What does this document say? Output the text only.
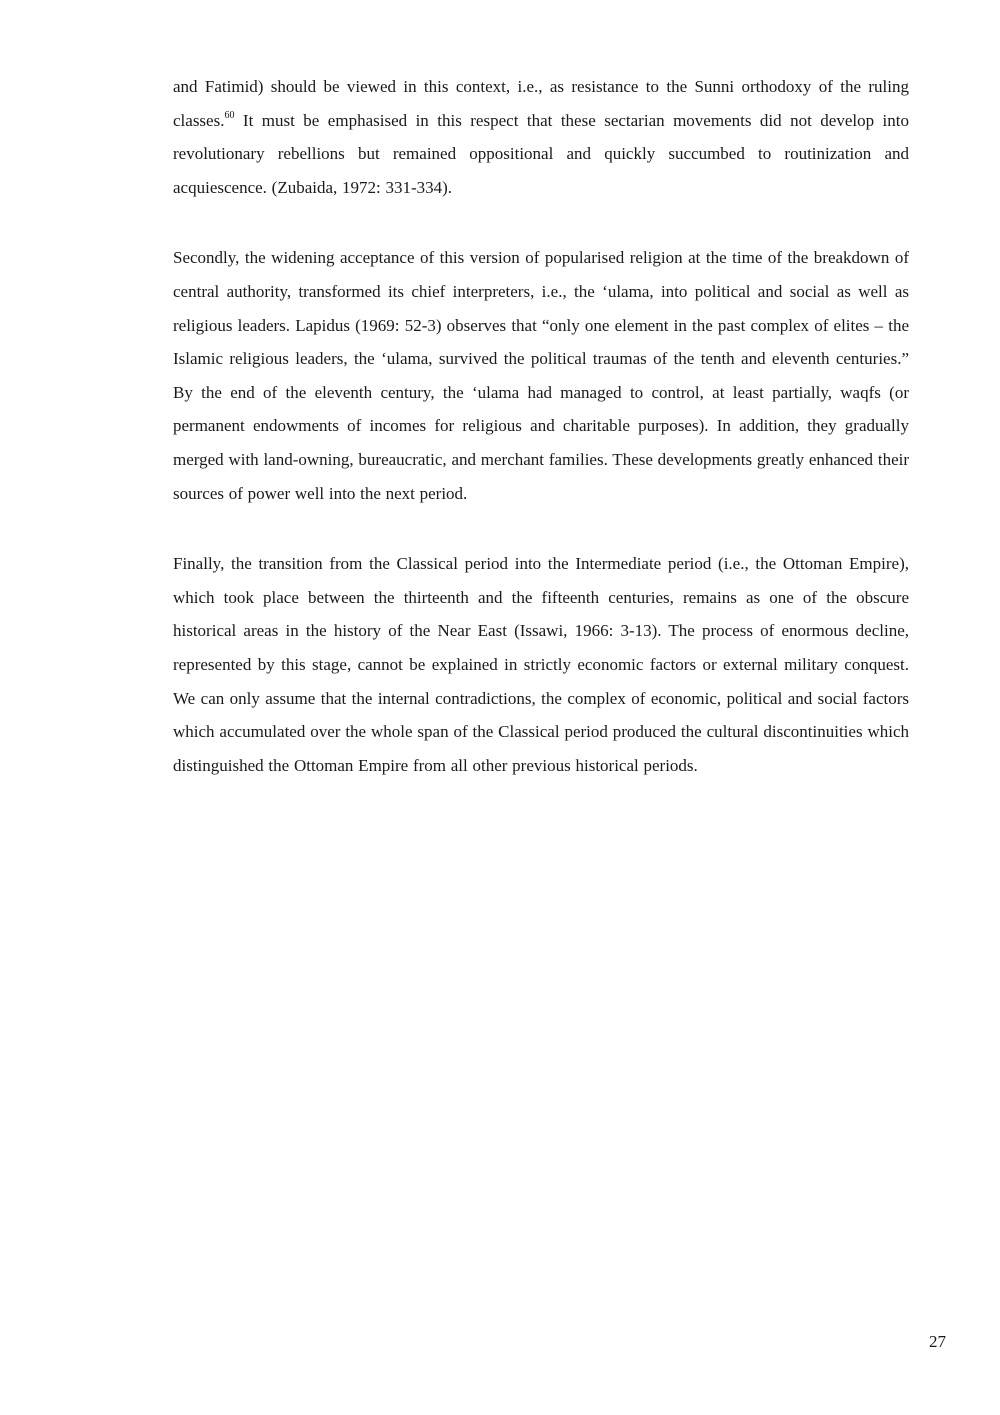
and Fatimid) should be viewed in this context, i.e., as resistance to the Sunni orthodoxy of the ruling classes.$^{60}$ It must be emphasised in this respect that these sectarian movements did not develop into revolutionary rebellions but remained oppositional and quickly succumbed to routinization and acquiescence. (Zubaida, 1972: 331-334).

Secondly, the widening acceptance of this version of popularised religion at the time of the breakdown of central authority, transformed its chief interpreters, i.e., the ‘ulama, into political and social as well as religious leaders. Lapidus (1969: 52-3) observes that “only one element in the past complex of elites – the Islamic religious leaders, the ‘ulama, survived the political traumas of the tenth and eleventh centuries.” By the end of the eleventh century, the ‘ulama had managed to control, at least partially, waqfs (or permanent endowments of incomes for religious and charitable purposes). In addition, they gradually merged with land-owning, bureaucratic, and merchant families. These developments greatly enhanced their sources of power well into the next period.

Finally, the transition from the Classical period into the Intermediate period (i.e., the Ottoman Empire), which took place between the thirteenth and the fifteenth centuries, remains as one of the obscure historical areas in the history of the Near East (Issawi, 1966: 3-13). The process of enormous decline, represented by this stage, cannot be explained in strictly economic factors or external military conquest. We can only assume that the internal contradictions, the complex of economic, political and social factors which accumulated over the whole span of the Classical period produced the cultural discontinuities which distinguished the Ottoman Empire from all other previous historical periods.

27
